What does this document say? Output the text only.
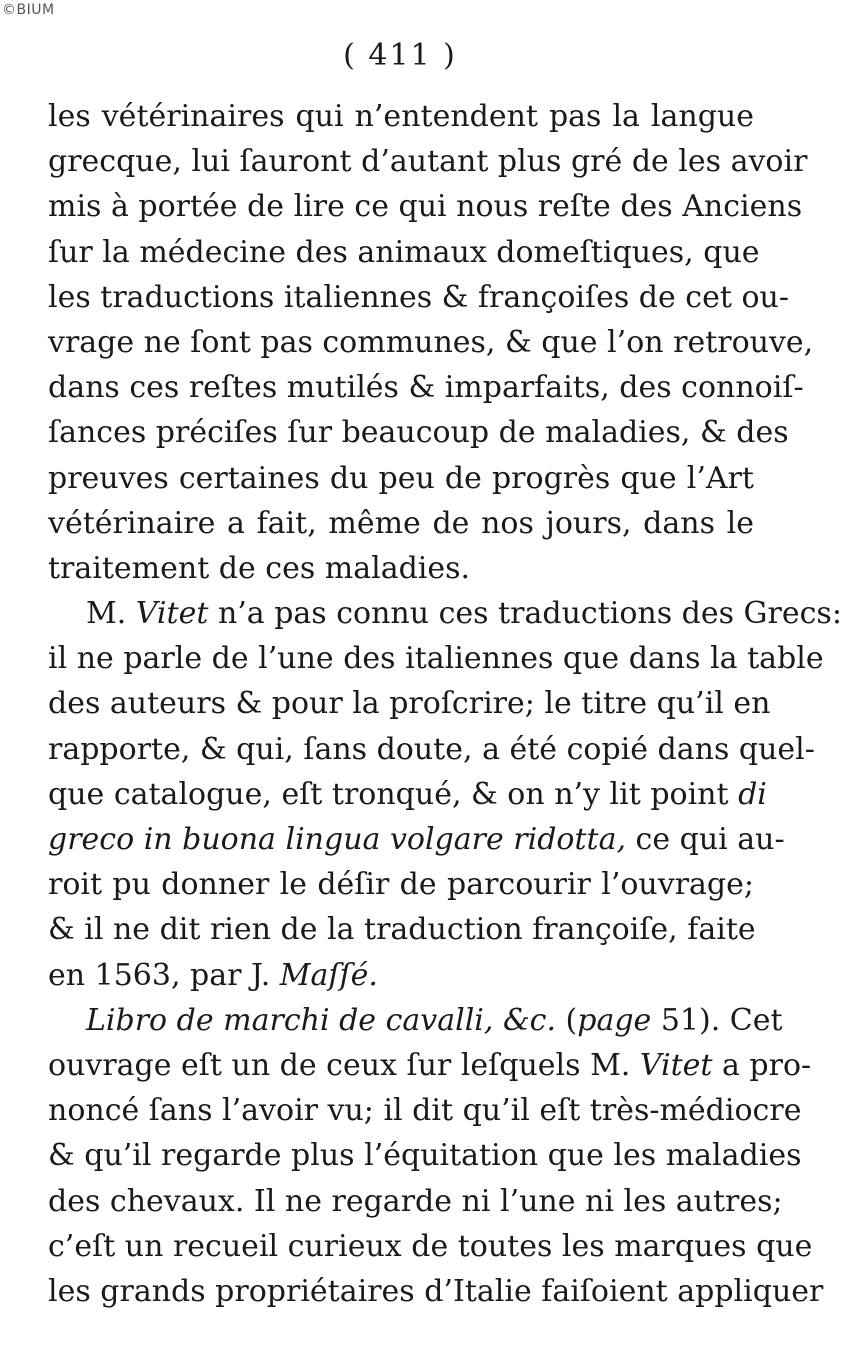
©BIUM
( 411 )
les vétérinaires qui n’entendent pas la langue
grecque, lui ſauront d’autant plus gré de les avoir
mis à portée de lire ce qui nous reſte des Anciens
ſur la médecine des animaux domeſtiques, que
les traductions italiennes & françoiſes de cet ou-
vrage ne ſont pas communes, & que l’on retrouve,
dans ces reſtes mutilés & imparfaits, des connoiſ-
ſances préciſes ſur beaucoup de maladies, & des
preuves certaines du peu de progrès que l’Art
vétérinaire a fait, même de nos jours, dans le
traitement de ces maladies.
M. Vitet n’a pas connu ces traductions des Grecs:
il ne parle de l’une des italiennes que dans la table
des auteurs & pour la proſcrire; le titre qu’il en
rapporte, & qui, ſans doute, a été copié dans quel-
que catalogue, eſt tronqué, & on n’y lit point di
greco in buona lingua volgare ridotta, ce qui au-
roit pu donner le déſir de parcourir l’ouvrage;
& il ne dit rien de la traduction françoiſe, faite
en 1563, par J. Maſſé.
Libro de marchi de cavalli, &c. (page 51). Cet
ouvrage eſt un de ceux ſur leſquels M. Vitet a pro-
noncé ſans l’avoir vu; il dit qu’il eſt très-médiocre
& qu’il regarde plus l’équitation que les maladies
des chevaux. Il ne regarde ni l’une ni les autres;
c’eſt un recueil curieux de toutes les marques que
les grands propriétaires d’Italie faiſoient appliquer
